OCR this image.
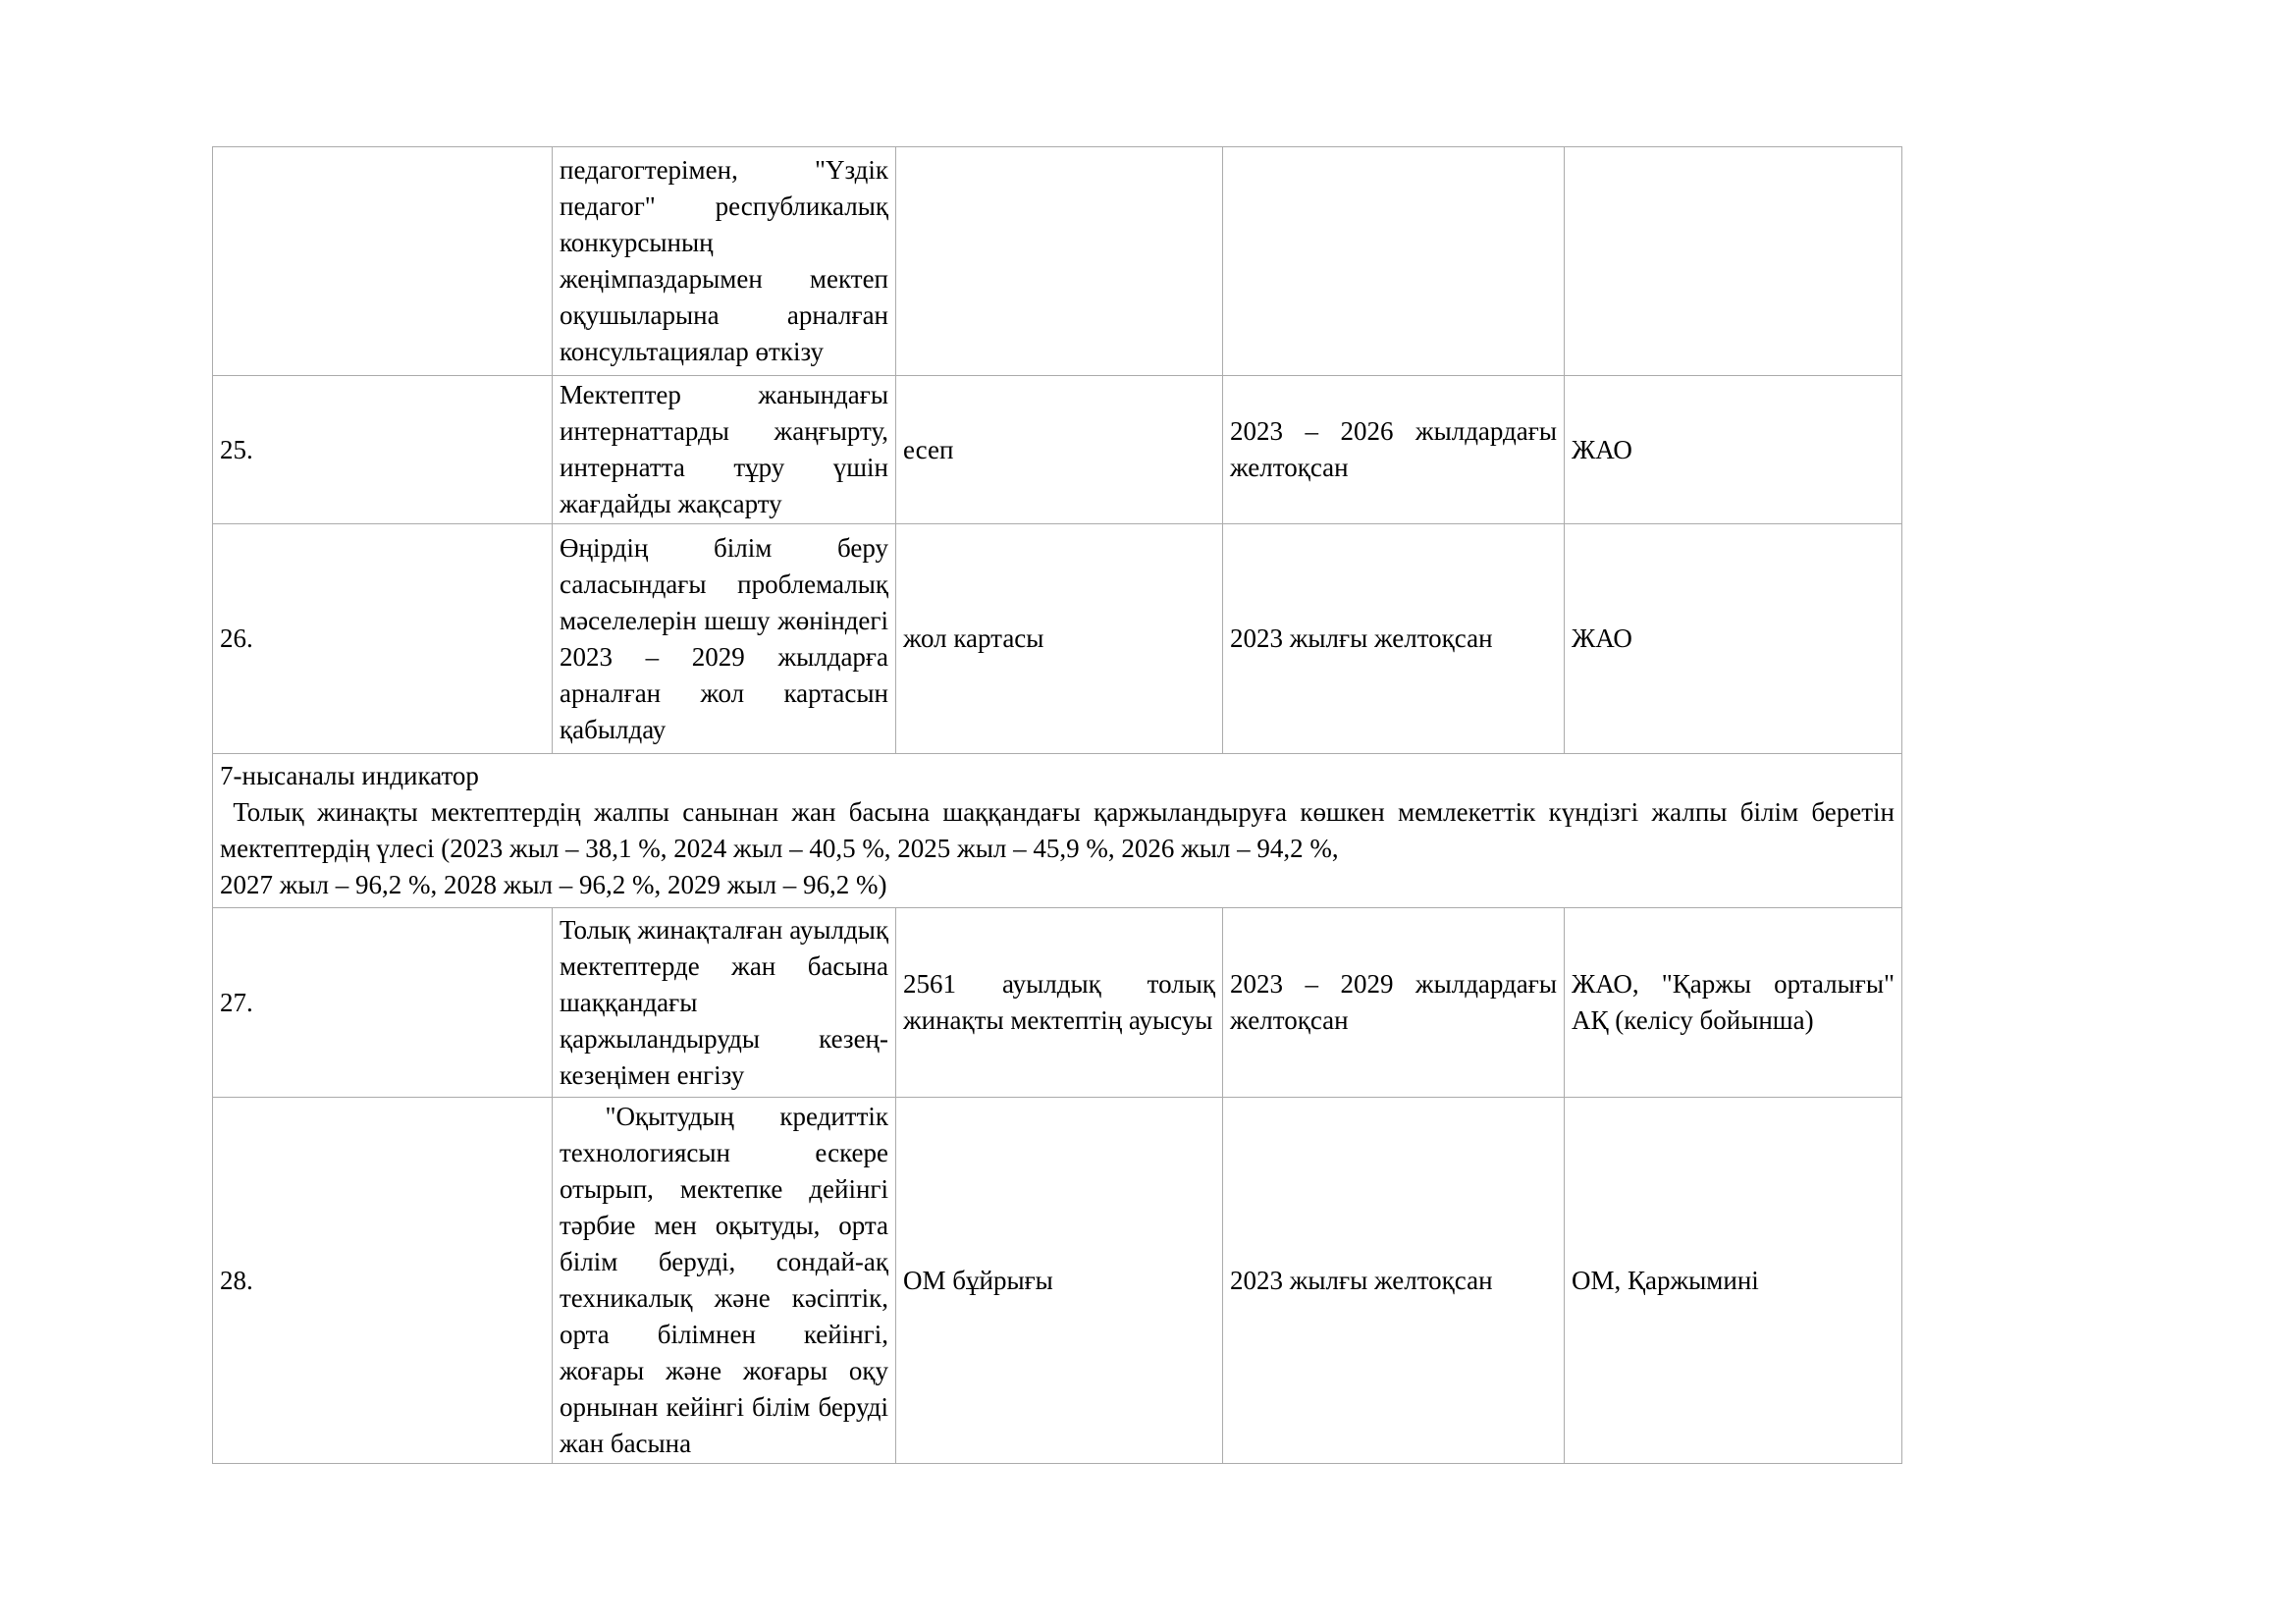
	педагогтерімен, "Үздік педагог" республикалық конкурсының жеңімпаздарымен мектеп оқушыларына арналған консультациялар өткізу			
25.	Мектептер жанындағы интернаттарды жаңғырту, интернатта тұру үшін жағдайды жақсарту	есеп	2023 – 2026 жылдардағы желтоқсан	ЖАО
26.	Өңірдің білім беру саласындағы проблемалық мәселелерін шешу жөніндегі 2023 – 2029 жылдарға арналған жол картасын қабылдау	жол картасы	2023 жылғы желтоқсан	ЖАО

7-нысаналы индикатор
Толық жинақты мектептердің жалпы санынан жан басына шаққандағы қаржыландыруға көшкен мемлекеттік күндізгі жалпы білім беретін мектептердің үлесі (2023 жыл – 38,1 %, 2024 жыл – 40,5 %, 2025 жыл – 45,9 %, 2026 жыл – 94,2 %,
2027 жыл – 96,2 %, 2028 жыл – 96,2 %, 2029 жыл – 96,2 %)				

27.	Толық жинақталған ауылдық мектептерде жан басына шаққандағы қаржыландыруды кезең-кезеңімен енгізу	2561 ауылдық толық жинақты мектептің ауысуы	2023 – 2029 жылдардағы желтоқсан	ЖАО, "Қаржы орталығы" АҚ (келісу бойынша)
28.	"Оқытудың кредиттік технологиясын ескере отырып, мектепке дейінгі тәрбие мен оқытуды, орта білім беруді, сондай-ақ техникалық және кәсіптік, орта білімнен кейінгі, жоғары және жоғары оқу орнынан кейінгі білім беруді жан басына	ОМ бұйрығы	2023 жылғы желтоқсан	ОМ, Қаржымині
